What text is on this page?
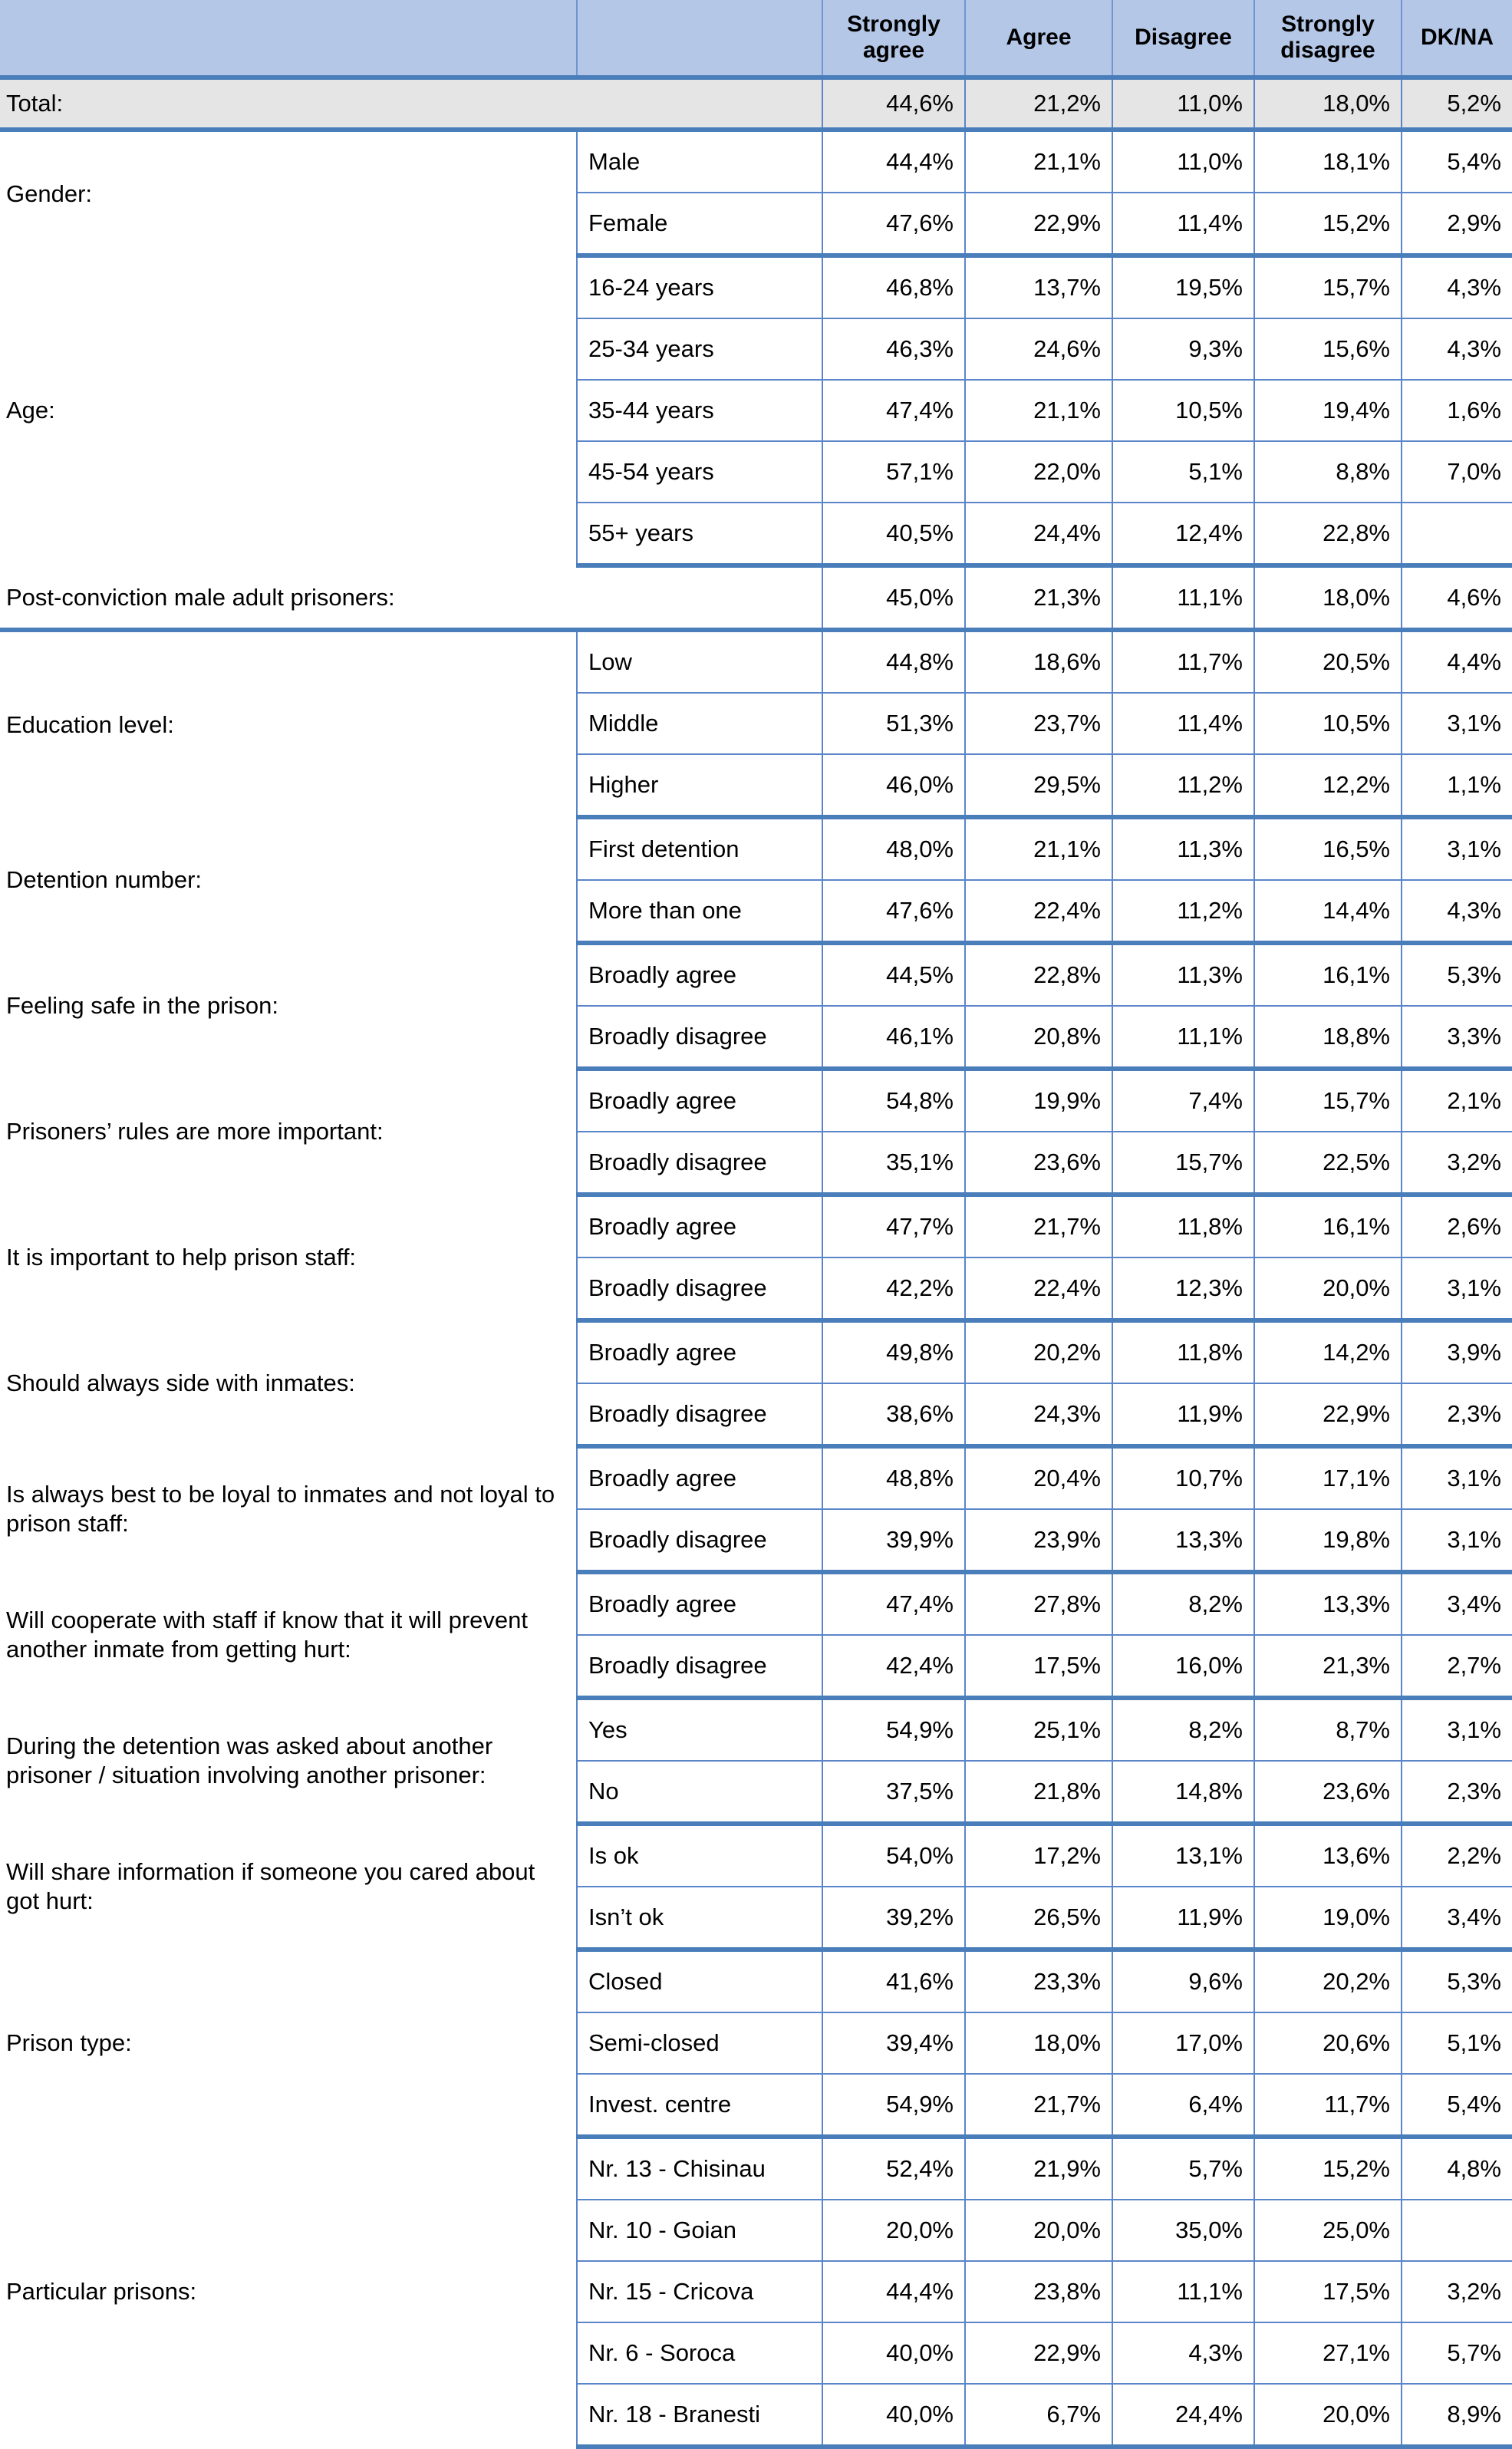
		Strongly agree	Agree	Disagree	Strongly disagree	DK/NA
Total:		44,6%	21,2%	11,0%	18,0%	5,2%
Gender:	Male	44,4%	21,1%	11,0%	18,1%	5,4%
	Female	47,6%	22,9%	11,4%	15,2%	2,9%
Age:	16-24 years	46,8%	13,7%	19,5%	15,7%	4,3%
	25-34 years	46,3%	24,6%	9,3%	15,6%	4,3%
	35-44 years	47,4%	21,1%	10,5%	19,4%	1,6%
	45-54 years	57,1%	22,0%	5,1%	8,8%	7,0%
	55+ years	40,5%	24,4%	12,4%	22,8%	
Post-conviction male adult prisoners:		45,0%	21,3%	11,1%	18,0%	4,6%
Education level:	Low	44,8%	18,6%	11,7%	20,5%	4,4%
	Middle	51,3%	23,7%	11,4%	10,5%	3,1%
	Higher	46,0%	29,5%	11,2%	12,2%	1,1%
Detention number:	First detention	48,0%	21,1%	11,3%	16,5%	3,1%
	More than one	47,6%	22,4%	11,2%	14,4%	4,3%
Feeling safe in the prison:	Broadly agree	44,5%	22,8%	11,3%	16,1%	5,3%
	Broadly disagree	46,1%	20,8%	11,1%	18,8%	3,3%
Prisoners’ rules are more important:	Broadly agree	54,8%	19,9%	7,4%	15,7%	2,1%
	Broadly disagree	35,1%	23,6%	15,7%	22,5%	3,2%
It is important to help prison staff:	Broadly agree	47,7%	21,7%	11,8%	16,1%	2,6%
	Broadly disagree	42,2%	22,4%	12,3%	20,0%	3,1%
Should always side with inmates:	Broadly agree	49,8%	20,2%	11,8%	14,2%	3,9%
	Broadly disagree	38,6%	24,3%	11,9%	22,9%	2,3%
Is always best to be loyal to inmates and not loyal to prison staff:	Broadly agree	48,8%	20,4%	10,7%	17,1%	3,1%
	Broadly disagree	39,9%	23,9%	13,3%	19,8%	3,1%
Will cooperate with staff if know that it will prevent another inmate from getting hurt:	Broadly agree	47,4%	27,8%	8,2%	13,3%	3,4%
	Broadly disagree	42,4%	17,5%	16,0%	21,3%	2,7%
During the detention was asked about another prisoner / situation involving another prisoner:	Yes	54,9%	25,1%	8,2%	8,7%	3,1%
	No	37,5%	21,8%	14,8%	23,6%	2,3%
Will share information if someone you cared about got hurt:	Is ok	54,0%	17,2%	13,1%	13,6%	2,2%
	Isn’t ok	39,2%	26,5%	11,9%	19,0%	3,4%
Prison type:	Closed	41,6%	23,3%	9,6%	20,2%	5,3%
	Semi-closed	39,4%	18,0%	17,0%	20,6%	5,1%
	Invest. centre	54,9%	21,7%	6,4%	11,7%	5,4%
Particular prisons:	Nr. 13 - Chisinau	52,4%	21,9%	5,7%	15,2%	4,8%
	Nr. 10 - Goian	20,0%	20,0%	35,0%	25,0%	
	Nr. 15 - Cricova	44,4%	23,8%	11,1%	17,5%	3,2%
	Nr. 6 - Soroca	40,0%	22,9%	4,3%	27,1%	5,7%
	Nr. 18 - Branesti	40,0%	6,7%	24,4%	20,0%	8,9%
